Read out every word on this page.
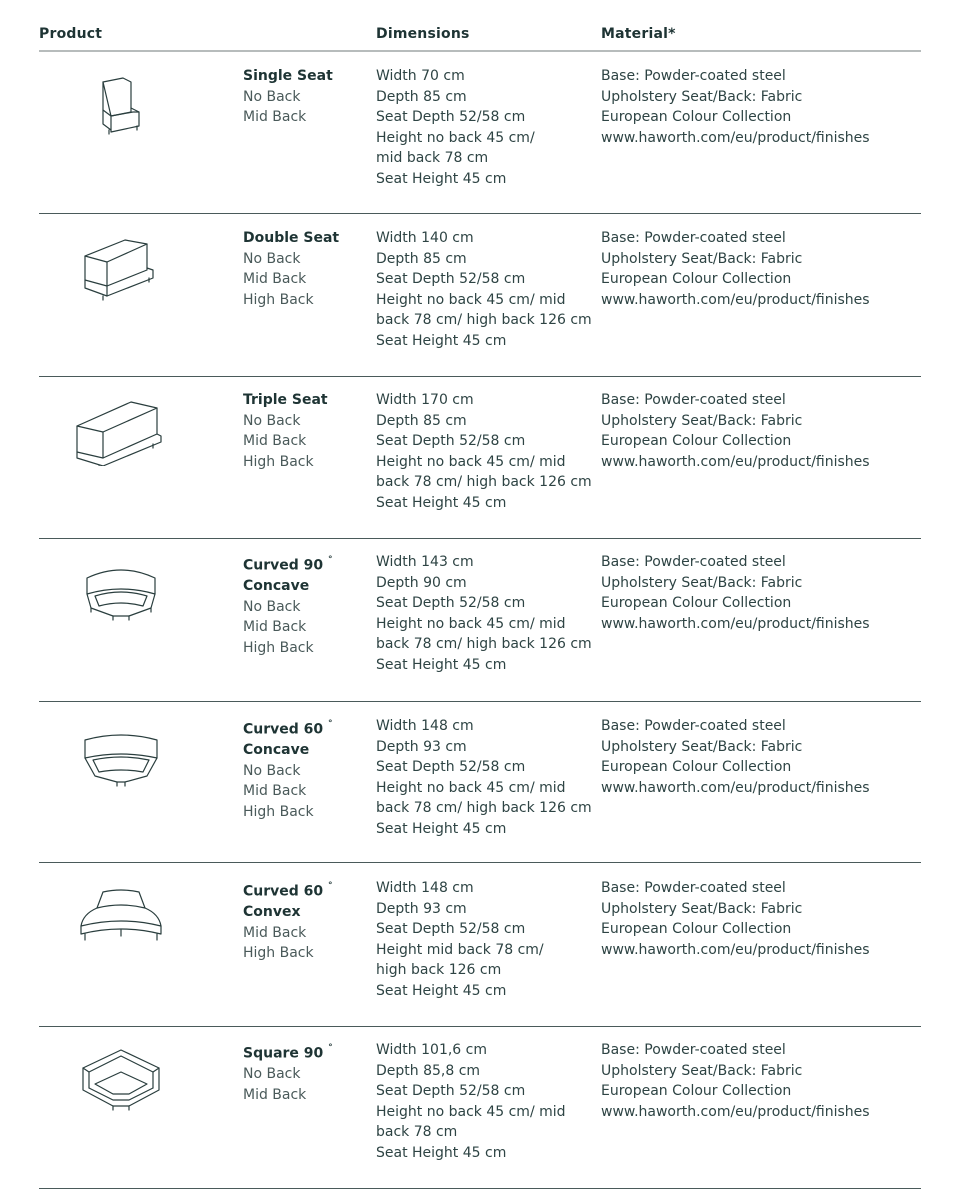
Product	Dimensions	Material*
Single Seat
No Back
Mid Back
Width 70 cm
Depth 85 cm
Seat Depth 52/58 cm
Height no back 45 cm/
mid back 78 cm
Seat Height 45 cm
Base: Powder-coated steel
Upholstery Seat/Back: Fabric
European Colour Collection
www.haworth.com/eu/product/finishes
Double Seat
No Back
Mid Back
High Back
Width 140 cm
Depth 85 cm
Seat Depth 52/58 cm
Height no back 45 cm/ mid
back 78 cm/ high back 126 cm
Seat Height 45 cm
Base: Powder-coated steel
Upholstery Seat/Back: Fabric
European Colour Collection
www.haworth.com/eu/product/finishes
Triple Seat
No Back
Mid Back
High Back
Width 170 cm
Depth 85 cm
Seat Depth 52/58 cm
Height no back 45 cm/ mid
back 78 cm/ high back 126 cm
Seat Height 45 cm
Base: Powder-coated steel
Upholstery Seat/Back: Fabric
European Colour Collection
www.haworth.com/eu/product/finishes
Curved 90 °
Concave
No Back
Mid Back
High Back
Width 143 cm
Depth 90 cm
Seat Depth 52/58 cm
Height no back 45 cm/ mid
back 78 cm/ high back 126 cm
Seat Height 45 cm
Base: Powder-coated steel
Upholstery Seat/Back: Fabric
European Colour Collection
www.haworth.com/eu/product/finishes
Curved 60 °
Concave
No Back
Mid Back
High Back
Width 148 cm
Depth 93 cm
Seat Depth 52/58 cm
Height no back 45 cm/ mid
back 78 cm/ high back 126 cm
Seat Height 45 cm
Base: Powder-coated steel
Upholstery Seat/Back: Fabric
European Colour Collection
www.haworth.com/eu/product/finishes
Curved 60 °
Convex
Mid Back
High Back
Width 148 cm
Depth 93 cm
Seat Depth 52/58 cm
Height mid back 78 cm/
high back 126 cm
Seat Height 45 cm
Base: Powder-coated steel
Upholstery Seat/Back: Fabric
European Colour Collection
www.haworth.com/eu/product/finishes
Square 90 °
No Back
Mid Back
Width 101,6 cm
Depth 85,8 cm
Seat Depth 52/58 cm
Height no back 45 cm/ mid
back 78 cm
Seat Height 45 cm
Base: Powder-coated steel
Upholstery Seat/Back: Fabric
European Colour Collection
www.haworth.com/eu/product/finishes
